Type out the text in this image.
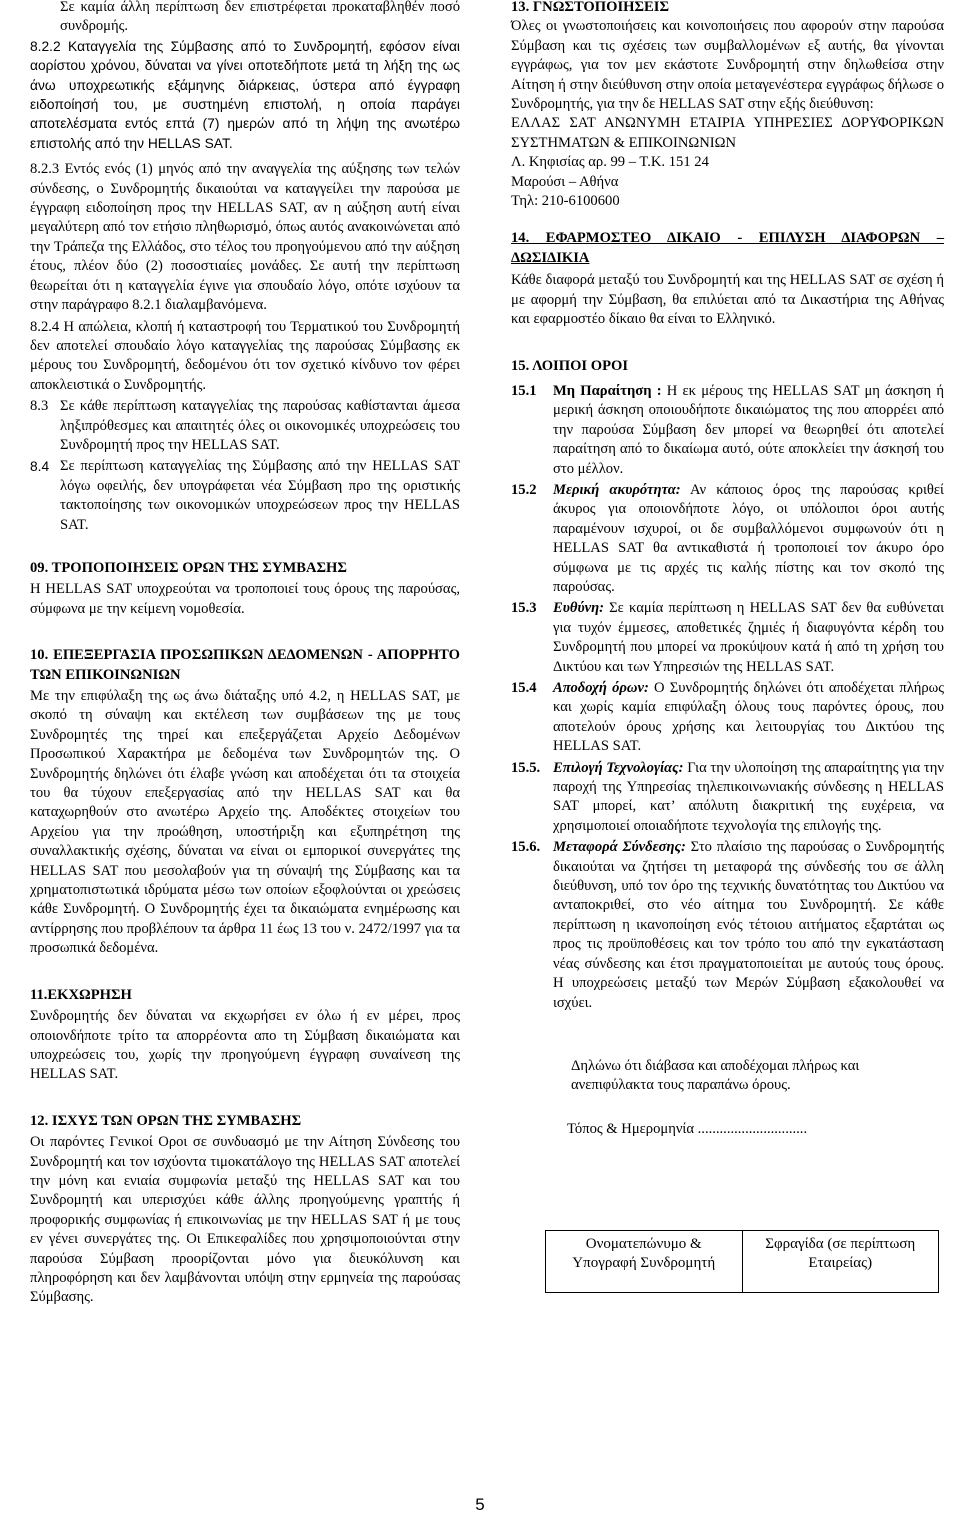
Σε καμία άλλη περίπτωση δεν επιστρέφεται προκαταβληθέν ποσό συνδρομής.
8.2.2 Καταγγελία της Σύμβασης από το Συνδρομητή, εφόσον είναι αορίστου χρόνου, δύναται να γίνει οποτεδήποτε μετά τη λήξη της ως άνω υποχρεωτικής εξάμηνης διάρκειας, ύστερα από έγγραφη ειδοποίησή του, με συστημένη επιστολή, η οποία παράγει αποτελέσματα εντός επτά (7) ημερών από τη λήψη της ανωτέρω επιστολής από την HELLAS SAT.
8.2.3 Εντός ενός (1) μηνός από την αναγγελία της αύξησης των τελών σύνδεσης, ο Συνδρομητής δικαιούται να καταγγείλει την παρούσα με έγγραφη ειδοποίηση προς την HELLAS SAT, αν η αύξηση αυτή είναι μεγαλύτερη από τον ετήσιο πληθωρισμό, όπως αυτός ανακοινώνεται από την Τράπεζα της Ελλάδος, στο τέλος του προηγούμενου από την αύξηση έτους, πλέον δύο (2) ποσοστιαίες μονάδες. Σε αυτή την περίπτωση θεωρείται ότι η καταγγελία έγινε για σπουδαίο λόγο, οπότε ισχύουν τα στην παράγραφο 8.2.1 διαλαμβανόμενα.
8.2.4 Η απώλεια, κλοπή ή καταστροφή του Τερματικού του Συνδρομητή δεν αποτελεί σπουδαίο λόγο καταγγελίας της παρούσας Σύμβασης εκ μέρους του Συνδρομητή, δεδομένου ότι τον σχετικό κίνδυνο τον φέρει αποκλειστικά ο Συνδρομητής.
8.3 Σε κάθε περίπτωση καταγγελίας της παρούσας καθίστανται άμεσα ληξιπρόθεσμες και απαιτητές όλες οι οικονομικές υποχρεώσεις του Συνδρομητή προς την HELLAS SAT.
8.4 Σε περίπτωση καταγγελίας της Σύμβασης από την HELLAS SAT λόγω οφειλής, δεν υπογράφεται νέα Σύμβαση προ της οριστικής τακτοποίησης των οικονομικών υποχρεώσεων προς την HELLAS SAT.

09. ΤΡΟΠΟΠΟΙΗΣΕΙΣ ΟΡΩΝ ΤΗΣ ΣΥΜΒΑΣΗΣ

Η HELLAS SAT υποχρεούται να τροποποιεί τους όρους της παρούσας, σύμφωνα με την κείμενη νομοθεσία.

10. ΕΠΕΞΕΡΓΑΣΙΑ ΠΡΟΣΩΠΙΚΩΝ ΔΕΔΟΜΕΝΩΝ - ΑΠΟΡΡΗΤΟ ΤΩΝ ΕΠΙΚΟΙΝΩΝΙΩΝ

Με την επιφύλαξη της ως άνω διάταξης υπό 4.2, η HELLAS SAT, με σκοπό τη σύναψη και εκτέλεση των συμβάσεων της με τους Συνδρομητές της τηρεί και επεξεργάζεται Αρχείο Δεδομένων Προσωπικού Χαρακτήρα με δεδομένα των Συνδρομητών της. Ο Συνδρομητής δηλώνει ότι έλαβε γνώση και αποδέχεται ότι τα στοιχεία του θα τύχουν επεξεργασίας από την HELLAS SAT και θα καταχωρηθούν στο ανωτέρω Αρχείο της. Αποδέκτες στοιχείων του Αρχείου για την προώθηση, υποστήριξη και εξυπηρέτηση της συναλλακτικής σχέσης, δύναται να είναι οι εμπορικοί συνεργάτες της HELLAS SAT που μεσολαβούν για τη σύναψή της Σύμβασης και τα χρηματοπιστωτικά ιδρύματα μέσω των οποίων εξοφλούνται οι χρεώσεις κάθε Συνδρομητή. Ο Συνδρομητής έχει τα δικαιώματα ενημέρωσης και αντίρρησης που προβλέπουν τα άρθρα 11 έως 13 του ν. 2472/1997 για τα προσωπικά δεδομένα.

11.ΕΚΧΩΡΗΣΗ

Συνδρομητής δεν δύναται να εκχωρήσει εν όλω ή εν μέρει, προς οποιονδήποτε τρίτο τα απορρέοντα απο τη Σύμβαση δικαιώματα και υποχρεώσεις του, χωρίς την προηγούμενη έγγραφη συναίνεση της HELLAS SAT.

12. ΙΣΧΥΣ ΤΩΝ ΟΡΩΝ ΤΗΣ ΣΥΜΒΑΣΗΣ

Οι παρόντες Γενικοί Οροι σε συνδυασμό με την Αίτηση Σύνδεσης του Συνδρομητή και τον ισχύοντα τιμοκατάλογο της HELLAS SAT αποτελεί την μόνη και ενιαία συμφωνία μεταξύ της HELLAS SAT και του Συνδρομητή και υπερισχύει κάθε άλλης προηγούμενης γραπτής ή προφορικής συμφωνίας ή επικοινωνίας με την HELLAS SAT ή με τους εν γένει συνεργάτες της. Οι Επικεφαλίδες που χρησιμοποιούνται στην παρούσα Σύμβαση προορίζονται μόνο για διευκόλυνση και πληροφόρηση και δεν λαμβάνονται υπόψη στην ερμηνεία της παρούσας Σύμβασης.

13. ΓΝΩΣΤΟΠΟΙΗΣΕΙΣ

Όλες οι γνωστοποιήσεις και κοινοποιήσεις που αφορούν στην παρούσα Σύμβαση και τις σχέσεις των συμβαλλομένων εξ αυτής, θα γίνονται εγγράφως, για τον μεν εκάστοτε Συνδρομητή στην δηλωθείσα στην Αίτηση ή στην διεύθυνση στην οποία μεταγενέστερα εγγράφως δήλωσε ο Συνδρομητής, για την δε HELLAS SAT στην εξής διεύθυνση:

ΕΛΛΑΣ ΣΑΤ ΑΝΩΝΥΜΗ ΕΤΑΙΡΙΑ ΥΠΗΡΕΣΙΕΣ ΔΟΡΥΦΟΡΙΚΩΝ ΣΥΣΤΗΜΑΤΩΝ & ΕΠΙΚΟΙΝΩΝΙΩΝ

Λ. Κηφισίας αρ. 99 – Τ.Κ. 151 24

Μαρούσι – Αθήνα

Τηλ: 210-6100600

14. ΕΦΑΡΜΟΣΤΕΟ ΔΙΚΑΙΟ - ΕΠΙΛΥΣΗ ΔΙΑΦΟΡΩΝ – ΔΩΣΙΔΙΚΙΑ

Κάθε διαφορά μεταξύ του Συνδρομητή και της HELLAS SAT σε σχέση ή με αφορμή την Σύμβαση, θα επιλύεται από τα Δικαστήρια της Αθήνας και εφαρμοστέο δίκαιο θα είναι το Ελληνικό.

15. ΛΟΙΠΟΙ ΟΡΟΙ

15.1	Μη Παραίτηση : Η εκ μέρους της HELLAS SAT μη άσκηση ή μερική άσκηση οποιουδήποτε δικαιώματος της που απορρέει από την παρούσα Σύμβαση δεν μπορεί να θεωρηθεί ότι αποτελεί παραίτηση από το δικαίωμα αυτό, ούτε αποκλείει την άσκησή του στο μέλλον.
15.2	Μερική ακυρότητα: Αν κάποιος όρος της παρούσας κριθεί άκυρος για οποιονδήποτε λόγο, οι υπόλοιποι όροι αυτής παραμένουν ισχυροί, οι δε συμβαλλόμενοι συμφωνούν ότι η HELLAS SAT θα αντικαθιστά ή τροποποιεί τον άκυρο όρο σύμφωνα με τις αρχές τις καλής πίστης και τον σκοπό της παρούσας.
15.3	Ευθύνη: Σε καμία περίπτωση η HELLAS SAT δεν θα ευθύνεται για τυχόν έμμεσες, αποθετικές ζημιές ή διαφυγόντα κέρδη του Συνδρομητή που μπορεί να προκύψουν κατά ή από τη χρήση του Δικτύου και των Υπηρεσιών της HELLAS SAT.
15.4	Αποδοχή όρων: Ο Συνδρομητής δηλώνει ότι αποδέχεται πλήρως και χωρίς καμία επιφύλαξη όλους τους παρόντες όρους, που αποτελούν όρους χρήσης και λειτουργίας του Δικτύου της HELLAS SAT.
15.5. Επιλογή Τεχνολογίας: Για την υλοποίηση της απαραίτητης για την παροχή της Υπηρεσίας τηλεπικοινωνιακής σύνδεσης η HELLAS SAT μπορεί, κατ’ απόλυτη διακριτική της ευχέρεια, να χρησιμοποιεί οποιαδήποτε τεχνολογία της επιλογής της.
15.6. Μεταφορά Σύνδεσης: Στο πλαίσιο της παρούσας ο Συνδρομητής δικαιούται να ζητήσει τη μεταφορά της σύνδεσής του σε άλλη διεύθυνση, υπό τον όρο της τεχνικής δυνατότητας του Δικτύου να ανταποκριθεί, στο νέο αίτημα του Συνδρομητή. Σε κάθε περίπτωση η ικανοποίηση ενός τέτοιου αιτήματος εξαρτάται ως προς τις προϋποθέσεις και τον τρόπο του από την εγκατάσταση νέας σύνδεσης και έτσι πραγματοποιείται με αυτούς τους όρους. Η υποχρεώσεις μεταξύ των Μερών Σύμβαση εξακολουθεί να ισχύει.

Δηλώνω ότι διάβασα και αποδέχομαι πλήρως και ανεπιφύλακτα τους παραπάνω όρους.

Τόπος & Ημερομηνία ..............................

Ονοματεπώνυμο & Υπογραφή Συνδρομητή	Σφραγίδα (σε περίπτωση Εταιρείας)
5
